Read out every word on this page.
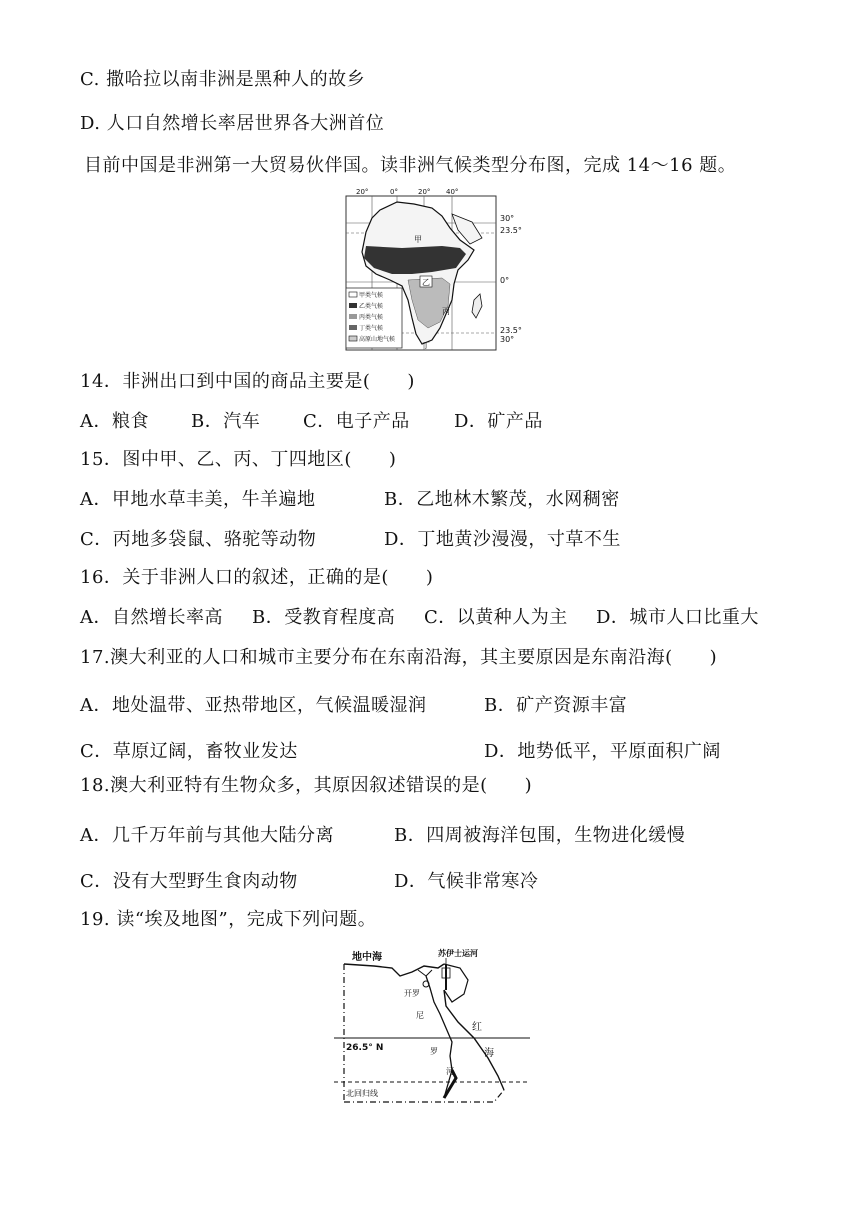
C. 撒哈拉以南非洲是黑种人的故乡
D. 人口自然增长率居世界各大洲首位
目前中国是非洲第一大贸易伙伴国。读非洲气候类型分布图，完成 14～16 题。
甲类气候
乙类气候
丙类气候
丁类气候
高原山地气候
20°	0°	20° 40°
甲
乙
丙
丁
30°
23.5°
0°
23.5°
30°
14．非洲出口到中国的商品主要是(　　)
A．粮食 B．汽车 C．电子产品 D．矿产品
15．图中甲、乙、丙、丁四地区(　　)
A．甲地水草丰美，牛羊遍地	B．乙地林木繁茂，水网稠密
C．丙地多袋鼠、骆驼等动物	D．丁地黄沙漫漫，寸草不生
16．关于非洲人口的叙述，正确的是(　　)
A．自然增长率高 B．受教育程度高 C．以黄种人为主 D．城市人口比重大
17.澳大利亚的人口和城市主要分布在东南沿海，其主要原因是东南沿海(　　)
A．地处温带、亚热带地区，气候温暖湿润	B．矿产资源丰富
C．草原辽阔，畜牧业发达	D．地势低平，平原面积广阔
18.澳大利亚特有生物众多，其原因叙述错误的是(　　)
A．几千万年前与其他大陆分离	B．四周被海洋包围，生物进化缓慢
C．没有大型野生食肉动物	D．气候非常寒冷
19. 读“埃及地图”，完成下列问题。
地中海	苏伊士运河
开罗
尼
罗
河
红
海
26.5° N
北回归线
